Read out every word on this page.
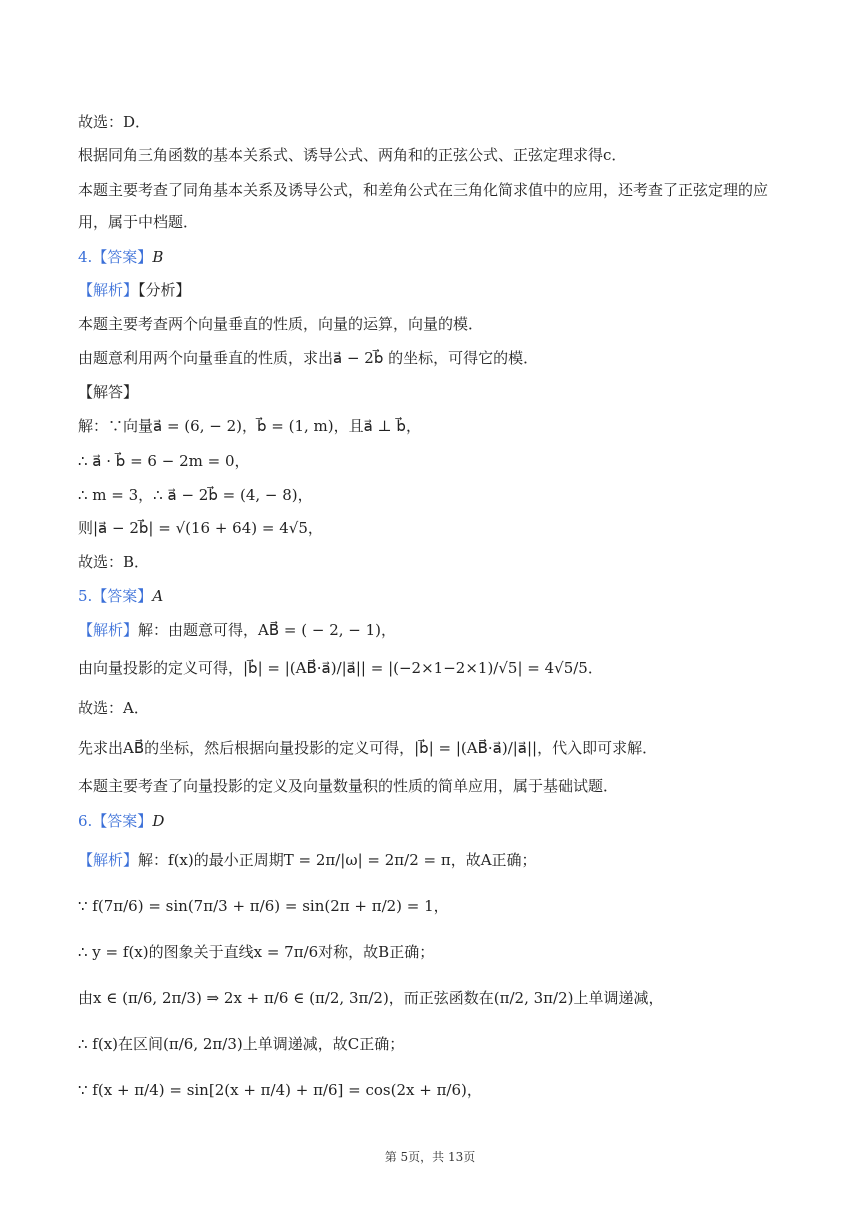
故选：D．
根据同角三角函数的基本关系式、诱导公式、两角和的正弦公式、正弦定理求得c．
本题主要考查了同角基本关系及诱导公式，和差角公式在三角化简求值中的应用，还考查了正弦定理的应
用，属于中档题．
4.【答案】B
【解析】【分析】
本题主要考查两个向量垂直的性质，向量的运算，向量的模．
由题意利用两个向量垂直的性质，求出a⃗ − 2b⃗ 的坐标，可得它的模．
【解答】
解：∵向量a⃗ = (6, − 2)，b⃗ = (1, m)，且a⃗ ⊥ b⃗，
∴ a⃗ · b⃗ = 6 − 2m = 0，
∴ m = 3，∴ a⃗ − 2b⃗ = (4, − 8)，
则|a⃗ − 2b⃗| = √(16 + 64) = 4√5，
故选：B．
5.【答案】A
【解析】解：由题意可得，AB⃗ = ( − 2, − 1)，
由向量投影的定义可得，|b⃗| = |(AB⃗·a⃗)/|a⃗|| = |(−2×1−2×1)/√5| = 4√5/5．
故选：A．
先求出AB⃗的坐标，然后根据向量投影的定义可得，|b⃗| = |(AB⃗·a⃗)/|a⃗||，代入即可求解．
本题主要考查了向量投影的定义及向量数量积的性质的简单应用，属于基础试题．
6.【答案】D
【解析】解：f(x)的最小正周期T = 2π/|ω| = 2π/2 = π，故A正确；
∵ f(7π/6) = sin(7π/3 + π/6) = sin(2π + π/2) = 1，
∴ y = f(x)的图象关于直线x = 7π/6对称，故B正确；
由x ∈ (π/6, 2π/3) ⇒ 2x + π/6 ∈ (π/2, 3π/2)，而正弦函数在(π/2, 3π/2)上单调递减，
∴ f(x)在区间(π/6, 2π/3)上单调递减，故C正确；
∵ f(x + π/4) = sin[2(x + π/4) + π/6] = cos(2x + π/6)，
第 5页，共 13页
